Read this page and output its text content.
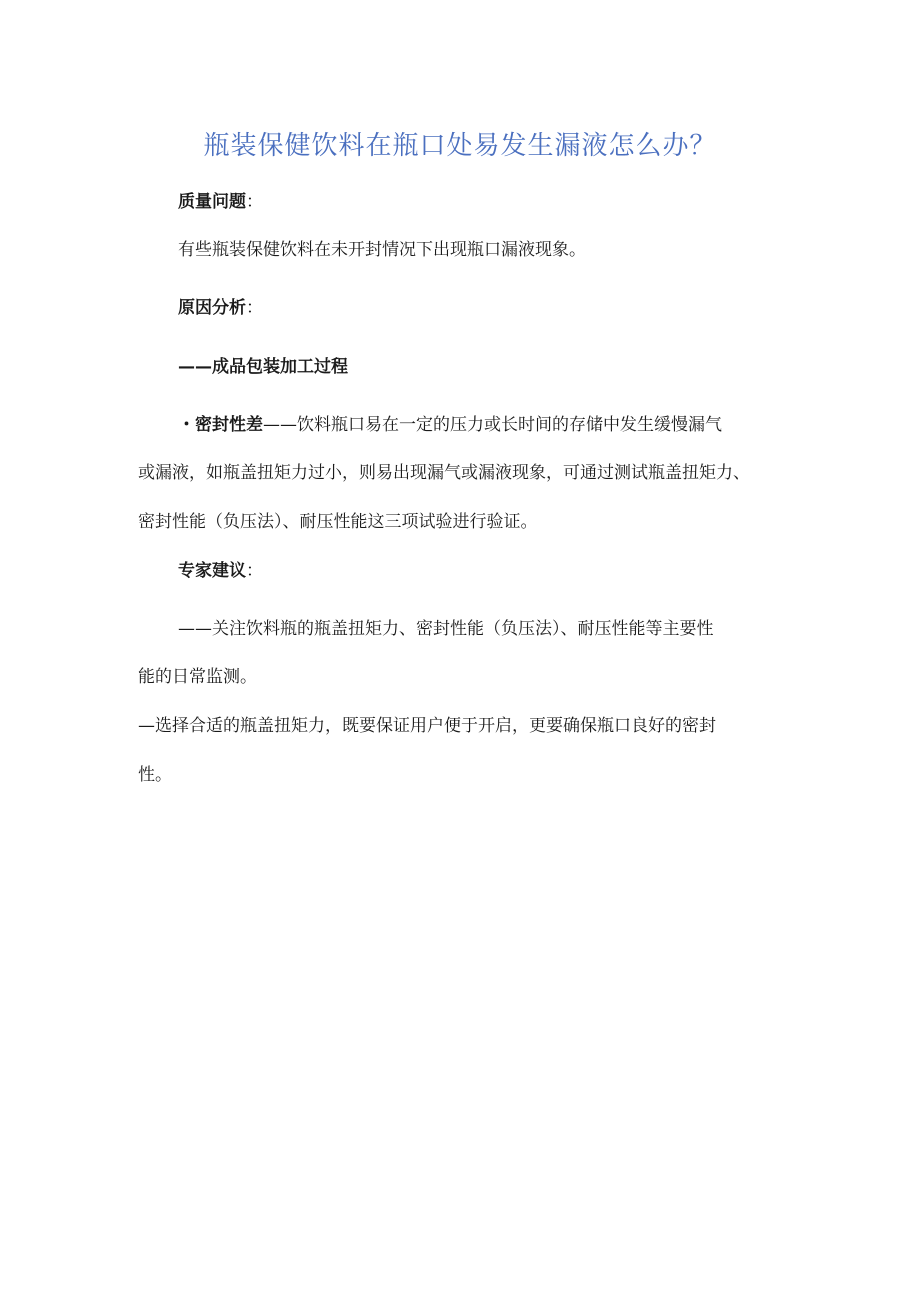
瓶装保健饮料在瓶口处易发生漏液怎么办？
质量问题：
有些瓶装保健饮料在未开封情况下出现瓶口漏液现象。
原因分析：
——成品包装加工过程
・密封性差——饮料瓶口易在一定的压力或长时间的存储中发生缓慢漏气
或漏液，如瓶盖扭矩力过小，则易出现漏气或漏液现象，可通过测试瓶盖扭矩力、
密封性能（负压法）、耐压性能这三项试验进行验证。
专家建议：
——关注饮料瓶的瓶盖扭矩力、密封性能（负压法）、耐压性能等主要性
能的日常监测。
—选择合适的瓶盖扭矩力，既要保证用户便于开启，更要确保瓶口良好的密封
性。
